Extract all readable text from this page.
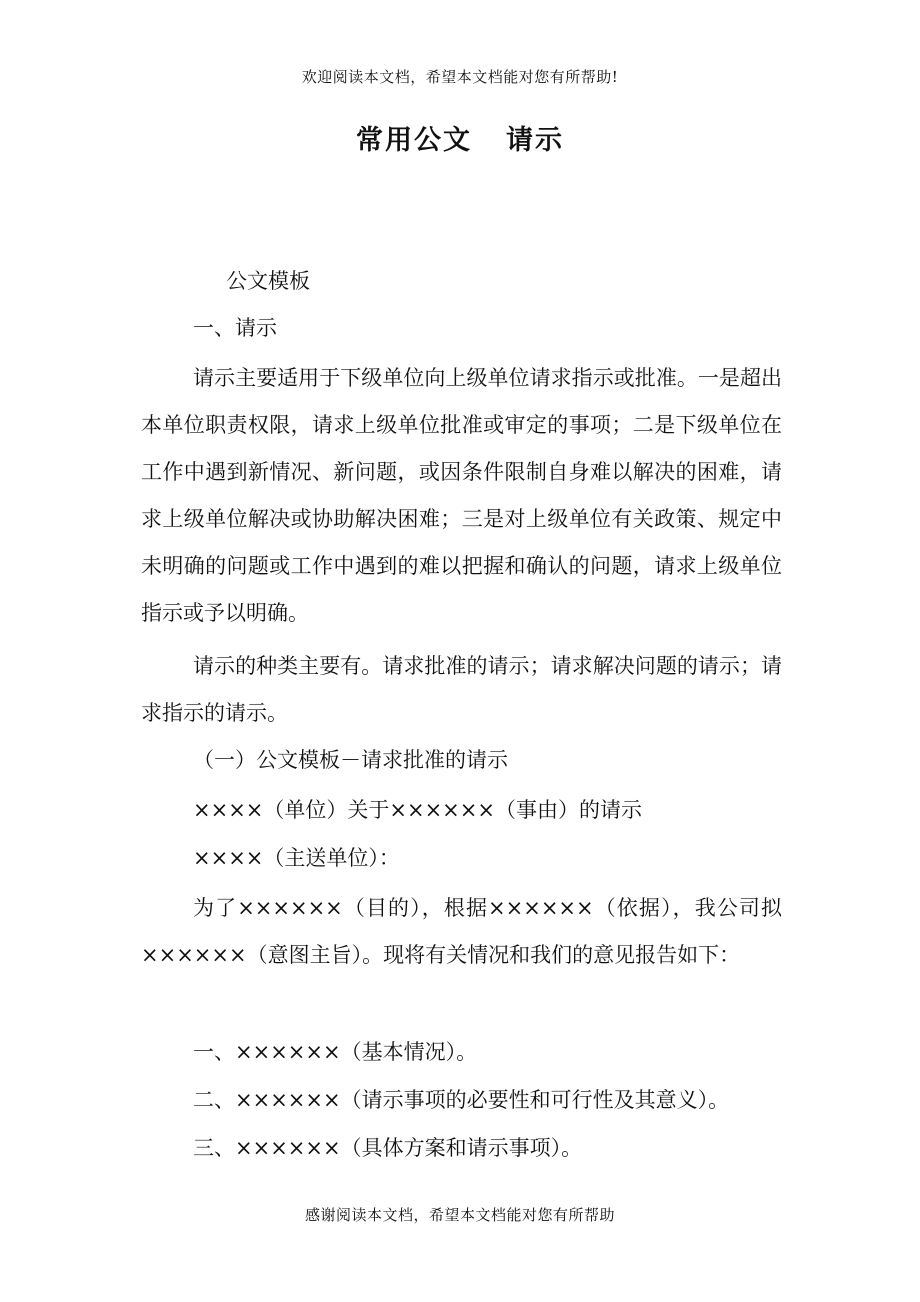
欢迎阅读本文档，希望本文档能对您有所帮助!
常用公文 请示
公文模板
一、请示
请示主要适用于下级单位向上级单位请求指示或批准。一是超出本单位职责权限，请求上级单位批准或审定的事项；二是下级单位在工作中遇到新情况、新问题，或因条件限制自身难以解决的困难，请求上级单位解决或协助解决困难；三是对上级单位有关政策、规定中未明确的问题或工作中遇到的难以把握和确认的问题，请求上级单位指示或予以明确。
请示的种类主要有。请求批准的请示；请求解决问题的请示；请求指示的请示。
（一）公文模板－请求批准的请示
××××（单位）关于××××××（事由）的请示
××××（主送单位）：
为了××××××（目的），根据××××××（依据），我公司拟××××××（意图主旨）。现将有关情况和我们的意见报告如下：
一、××××××（基本情况）。
二、××××××（请示事项的必要性和可行性及其意义）。
三、××××××（具体方案和请示事项）。
感谢阅读本文档，希望本文档能对您有所帮助
